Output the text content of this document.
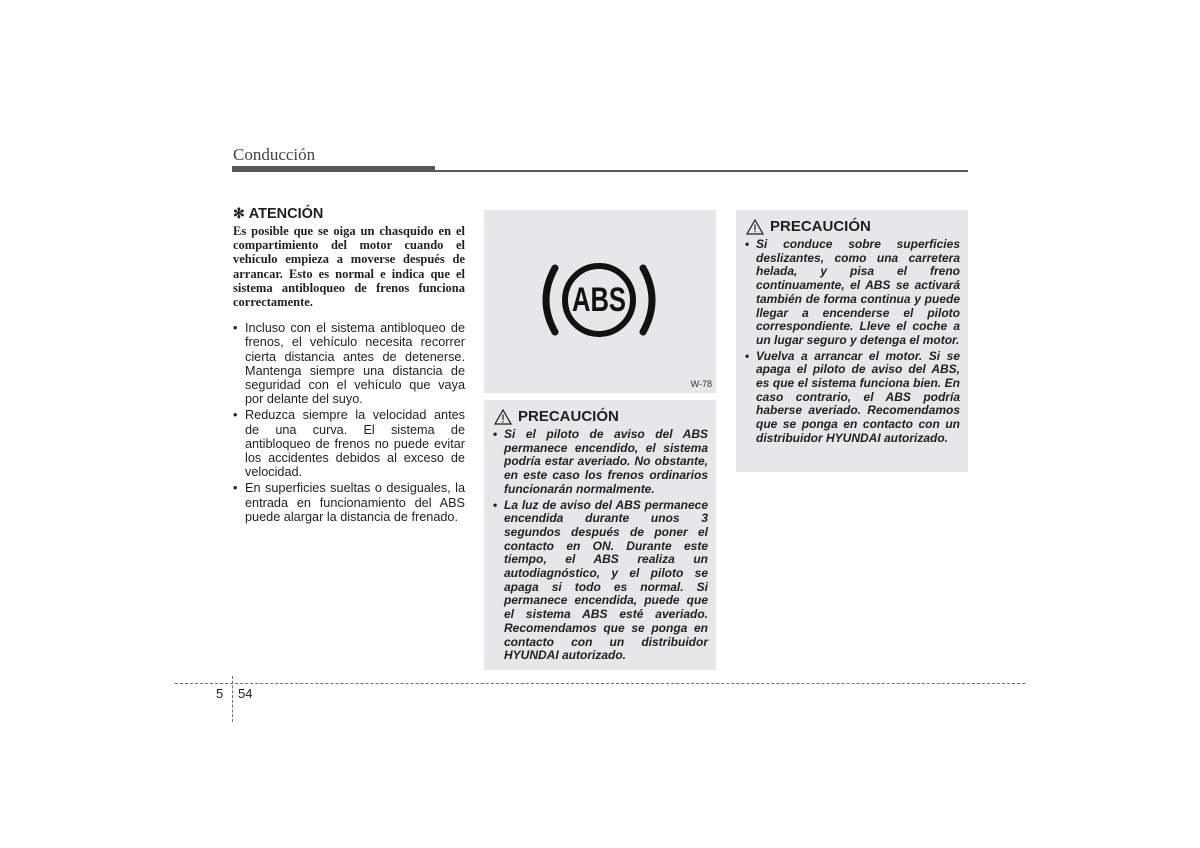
Conducción
✻ ATENCIÓN

Es posible que se oiga un chasquido en el compartimiento del motor cuando el vehículo empieza a moverse después de arrancar. Esto es normal e indica que el sistema antibloqueo de frenos funciona correctamente.

• Incluso con el sistema antibloqueo de frenos, el vehículo necesita recorrer cierta distancia antes de detenerse. Mantenga siempre una distancia de seguridad con el vehículo que vaya por delante del suyo.
• Reduzca siempre la velocidad antes de una curva. El sistema de antibloqueo de frenos no puede evitar los accidentes debidos al exceso de velocidad.
• En superficies sueltas o desiguales, la entrada en funcionamiento del ABS puede alargar la distancia de frenado.
ABS
W-78
PRECAUCIÓN
• Si el piloto de aviso del ABS permanece encendido, el sistema podría estar averiado. No obstante, en este caso los frenos ordinarios funcionarán normalmente.
• La luz de aviso del ABS permanece encendida durante unos 3 segundos después de poner el contacto en ON. Durante este tiempo, el ABS realiza un autodiagnóstico, y el piloto se apaga si todo es normal. Si permanece encendida, puede que el sistema ABS esté averiado. Recomendamos que se ponga en contacto con un distribuidor HYUNDAI autorizado.
PRECAUCIÓN
• Si conduce sobre superficies deslizantes, como una carretera helada, y pisa el freno continuamente, el ABS se activará también de forma continua y puede llegar a encenderse el piloto correspondiente. Lleve el coche a un lugar seguro y detenga el motor.
• Vuelva a arrancar el motor. Si se apaga el piloto de aviso del ABS, es que el sistema funciona bien. En caso contrario, el ABS podría haberse averiado. Recomendamos que se ponga en contacto con un distribuidor HYUNDAI autorizado.
5 54
